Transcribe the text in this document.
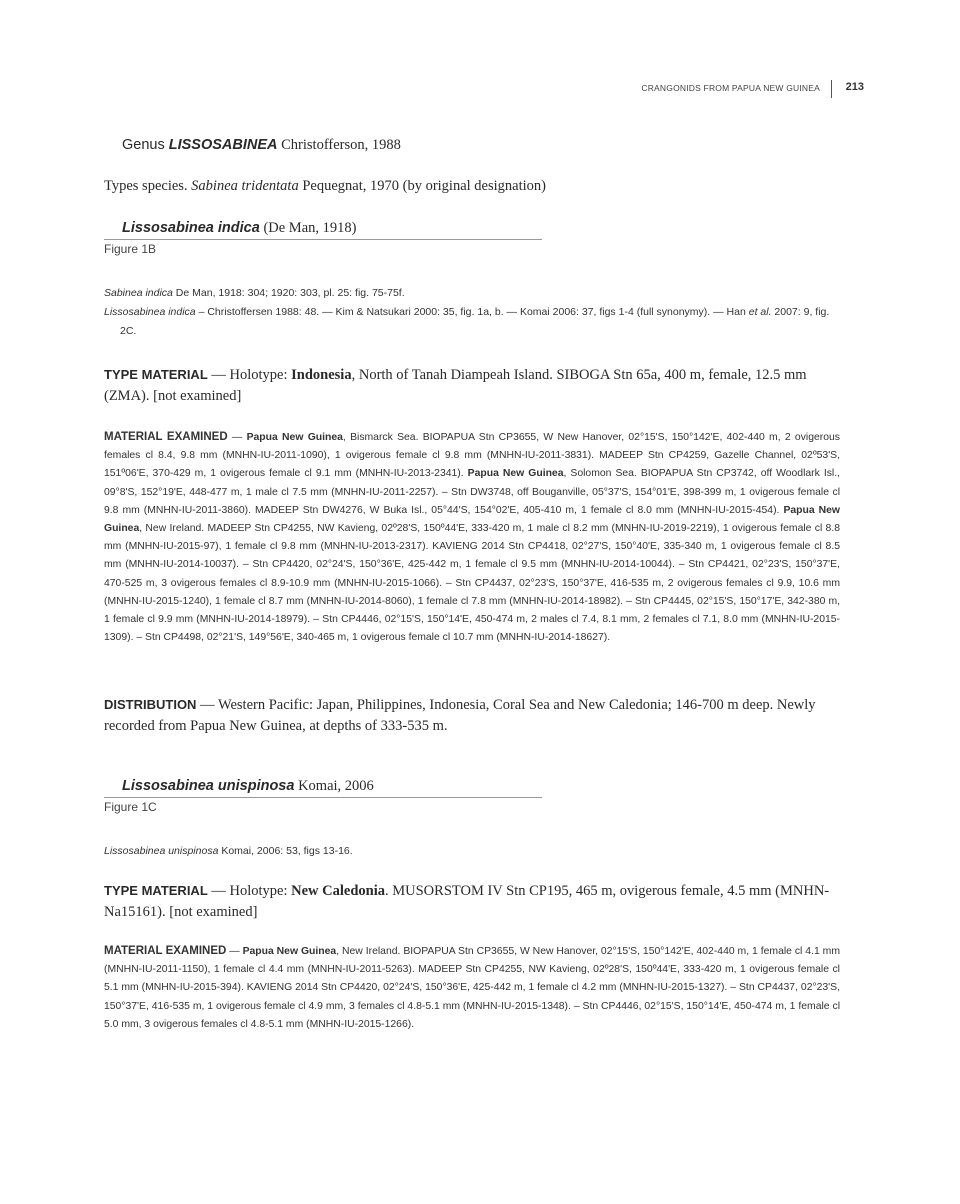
CRANGONIDS FROM PAPUA NEW GUINEA 213
Genus LISSOSABINEA Christofferson, 1988
Types species. Sabinea tridentata Pequegnat, 1970 (by original designation)
Lissosabinea indica (De Man, 1918)
Figure 1B

Sabinea indica De Man, 1918: 304; 1920: 303, pl. 25: fig. 75-75f.

Lissosabinea indica – Christoffersen 1988: 48. — Kim & Natsukari 2000: 35, fig. 1a, b. — Komai 2006: 37, figs 1-4 (full synonymy). — Han et al. 2007: 9, fig. 2C.

TYPE MATERIAL — Holotype: Indonesia, North of Tanah Diampeah Island. SIBOGA Stn 65a, 400 m, female, 12.5 mm (ZMA). [not examined]
MATERIAL EXAMINED — Papua New Guinea, Bismarck Sea. BIOPAPUA Stn CP3655, W New Hanover, 02°15'S, 150°142'E, 402-440 m, 2 ovigerous females cl 8.4, 9.8 mm (MNHN-IU-2011-1090), 1 ovigerous female cl 9.8 mm (MNHN-IU-2011-3831). MADEEP Stn CP4259, Gazelle Channel, 02º53'S, 151º06'E, 370-429 m, 1 ovigerous female cl 9.1 mm (MNHN-IU-2013-2341). Papua New Guinea, Solomon Sea. BIOPAPUA Stn CP3742, off Woodlark Isl., 09°8'S, 152°19'E, 448-477 m, 1 male cl 7.5 mm (MNHN-IU-2011-2257). – Stn DW3748, off Bouganville, 05°37'S, 154°01'E, 398-399 m, 1 ovigerous female cl 9.8 mm (MNHN-IU-2011-3860). MADEEP Stn DW4276, W Buka Isl., 05°44'S, 154°02'E, 405-410 m, 1 female cl 8.0 mm (MNHN-IU-2015-454). Papua New Guinea, New Ireland. MADEEP Stn CP4255, NW Kavieng, 02º28'S, 150º44'E, 333-420 m, 1 male cl 8.2 mm (MNHN-IU-2019-2219), 1 ovigerous female cl 8.8 mm (MNHN-IU-2015-97), 1 female cl 9.8 mm (MNHN-IU-2013-2317). KAVIENG 2014 Stn CP4418, 02°27'S, 150°40'E, 335-340 m, 1 ovigerous female cl 8.5 mm (MNHN-IU-2014-10037). – Stn CP4420, 02°24'S, 150°36'E, 425-442 m, 1 female cl 9.5 mm (MNHN-IU-2014-10044). – Stn CP4421, 02°23'S, 150°37'E, 470-525 m, 3 ovigerous females cl 8.9-10.9 mm (MNHN-IU-2015-1066). – Stn CP4437, 02°23'S, 150°37'E, 416-535 m, 2 ovigerous females cl 9.9, 10.6 mm (MNHN-IU-2015-1240), 1 female cl 8.7 mm (MNHN-IU-2014-8060), 1 female cl 7.8 mm (MNHN-IU-2014-18982). – Stn CP4445, 02°15'S, 150°17'E, 342-380 m, 1 female cl 9.9 mm (MNHN-IU-2014-18979). – Stn CP4446, 02°15'S, 150°14'E, 450-474 m, 2 males cl 7.4, 8.1 mm, 2 females cl 7.1, 8.0 mm (MNHN-IU-2015-1309). – Stn CP4498, 02°21'S, 149°56'E, 340-465 m, 1 ovigerous female cl 10.7 mm (MNHN-IU-2014-18627).
DISTRIBUTION — Western Pacific: Japan, Philippines, Indonesia, Coral Sea and New Caledonia; 146-700 m deep. Newly recorded from Papua New Guinea, at depths of 333-535 m.
Lissosabinea unispinosa Komai, 2006
Figure 1C

Lissosabinea unispinosa Komai, 2006: 53, figs 13-16.

TYPE MATERIAL — Holotype: New Caledonia. MUSORSTOM IV Stn CP195, 465 m, ovigerous female, 4.5 mm (MNHN-Na15161). [not examined]
MATERIAL EXAMINED — Papua New Guinea, New Ireland. BIOPAPUA Stn CP3655, W New Hanover, 02°15'S, 150°142'E, 402-440 m, 1 female cl 4.1 mm (MNHN-IU-2011-1150), 1 female cl 4.4 mm (MNHN-IU-2011-5263). MADEEP Stn CP4255, NW Kavieng, 02º28'S, 150º44'E, 333-420 m, 1 ovigerous female cl 5.1 mm (MNHN-IU-2015-394). KAVIENG 2014 Stn CP4420, 02°24'S, 150°36'E, 425-442 m, 1 female cl 4.2 mm (MNHN-IU-2015-1327). – Stn CP4437, 02°23'S, 150°37'E, 416-535 m, 1 ovigerous female cl 4.9 mm, 3 females cl 4.8-5.1 mm (MNHN-IU-2015-1348). – Stn CP4446, 02°15'S, 150°14'E, 450-474 m, 1 female cl 5.0 mm, 3 ovigerous females cl 4.8-5.1 mm (MNHN-IU-2015-1266).
